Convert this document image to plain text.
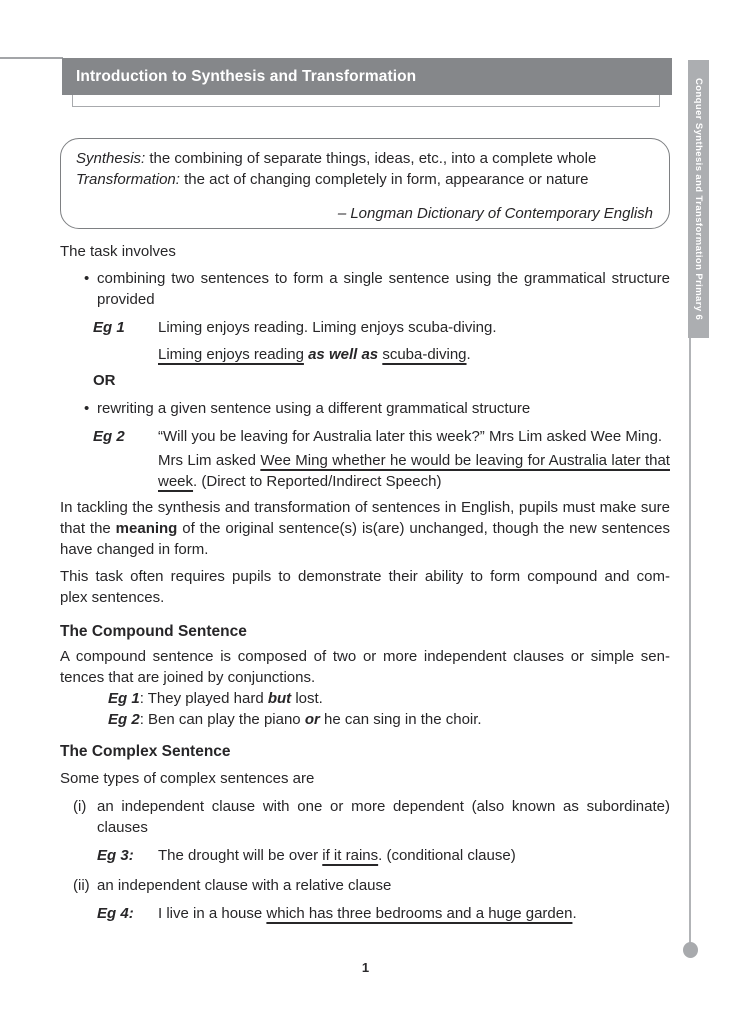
Introduction to Synthesis and Transformation
Conquer Synthesis and Transformation Primary 6

Synthesis: the combining of separate things, ideas, etc., into a complete whole

Transformation: the act of changing completely in form, appearance or nature

– Longman Dictionary of Contemporary English

The task involves

• combining two sentences to form a single sentence using the grammatical structure provided
Eg 1	Liming enjoys reading. Liming enjoys scuba-diving.

Liming enjoys reading as well as scuba-diving.

OR

• rewriting a given sentence using a different grammatical structure
Eg 2	“Will you be leaving for Australia later this week?” Mrs Lim asked Wee Ming.

Mrs Lim asked Wee Ming whether he would be leaving for Australia later that week. (Direct to Reported/Indirect Speech)

In tackling the synthesis and transformation of sentences in English, pupils must make sure that the meaning of the original sentence(s) is(are) unchanged, though the new sentences have changed in form.

This task often requires pupils to demonstrate their ability to form compound and com-

plex sentences.

The Compound Sentence

A compound sentence is composed of two or more independent clauses or simple sen-

tences that are joined by conjunctions.

Eg 1: They played hard but lost.

Eg 2: Ben can play the piano or he can sing in the choir.

The Complex Sentence

Some types of complex sentences are

(i) an independent clause with one or more dependent (also known as subordinate) clauses
Eg 3:	The drought will be over if it rains. (conditional clause)
(ii) an independent clause with a relative clause
Eg 4:	I live in a house which has three bedrooms and a huge garden.
1
